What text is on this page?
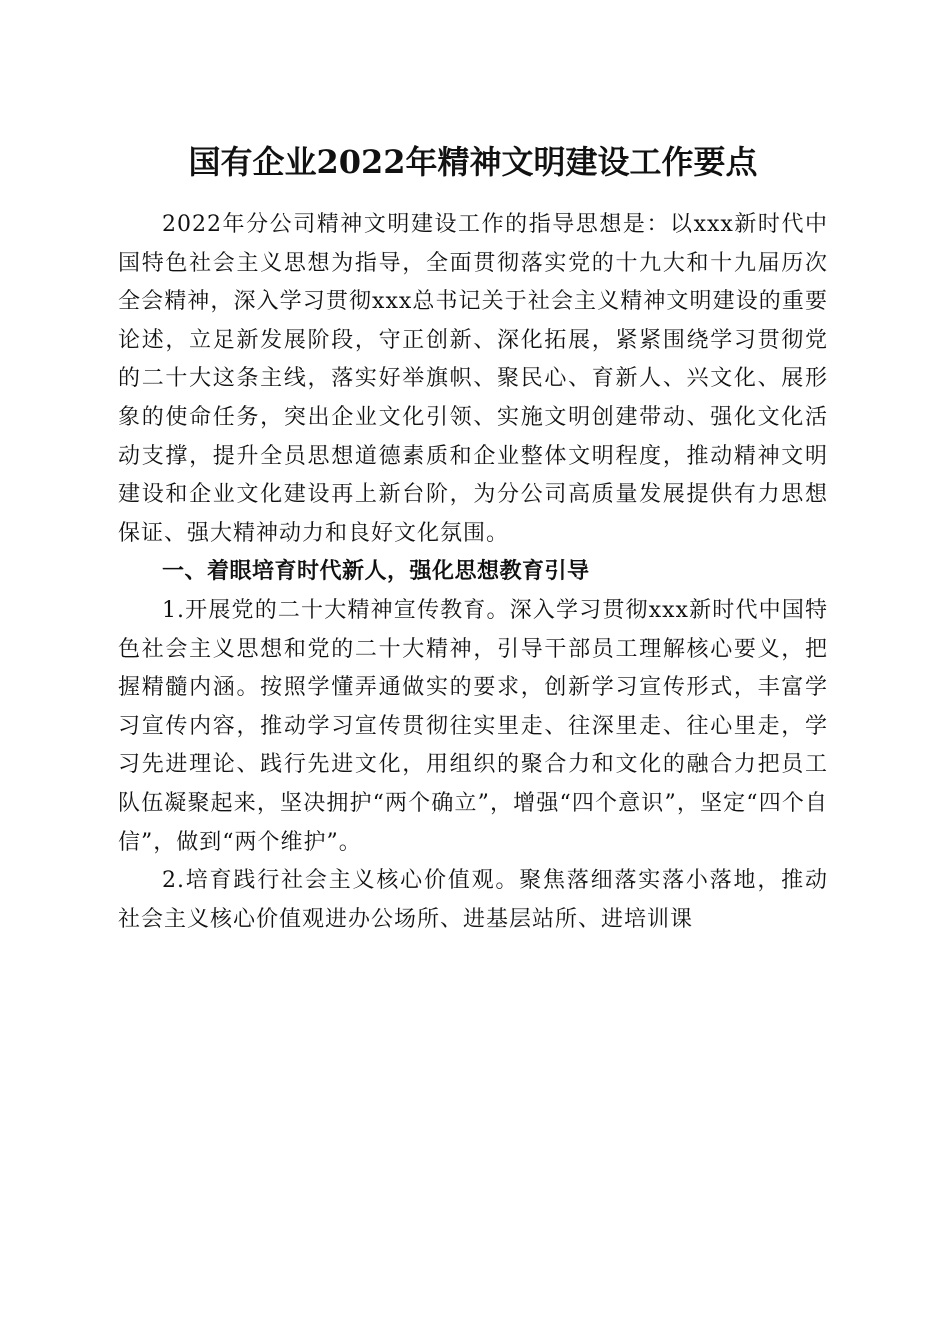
国有企业2022年精神文明建设工作要点

2022年分公司精神文明建设工作的指导思想是：以xxx新时代中国特色社会主义思想为指导，全面贯彻落实党的十九大和十九届历次全会精神，深入学习贯彻xxx总书记关于社会主义精神文明建设的重要论述，立足新发展阶段，守正创新、深化拓展，紧紧围绕学习贯彻党的二十大这条主线，落实好举旗帜、聚民心、育新人、兴文化、展形象的使命任务，突出企业文化引领、实施文明创建带动、强化文化活动支撑，提升全员思想道德素质和企业整体文明程度，推动精神文明建设和企业文化建设再上新台阶，为分公司高质量发展提供有力思想保证、强大精神动力和良好文化氛围。

一、着眼培育时代新人，强化思想教育引导

1.开展党的二十大精神宣传教育。深入学习贯彻xxx新时代中国特色社会主义思想和党的二十大精神，引导干部员工理解核心要义，把握精髓内涵。按照学懂弄通做实的要求，创新学习宣传形式，丰富学习宣传内容，推动学习宣传贯彻往实里走、往深里走、往心里走，学习先进理论、践行先进文化，用组织的聚合力和文化的融合力把员工队伍凝聚起来，坚决拥护“两个确立”，增强“四个意识”，坚定“四个自信”，做到“两个维护”。

2.培育践行社会主义核心价值观。聚焦落细落实落小落地，推动社会主义核心价值观进办公场所、进基层站所、进培训课
